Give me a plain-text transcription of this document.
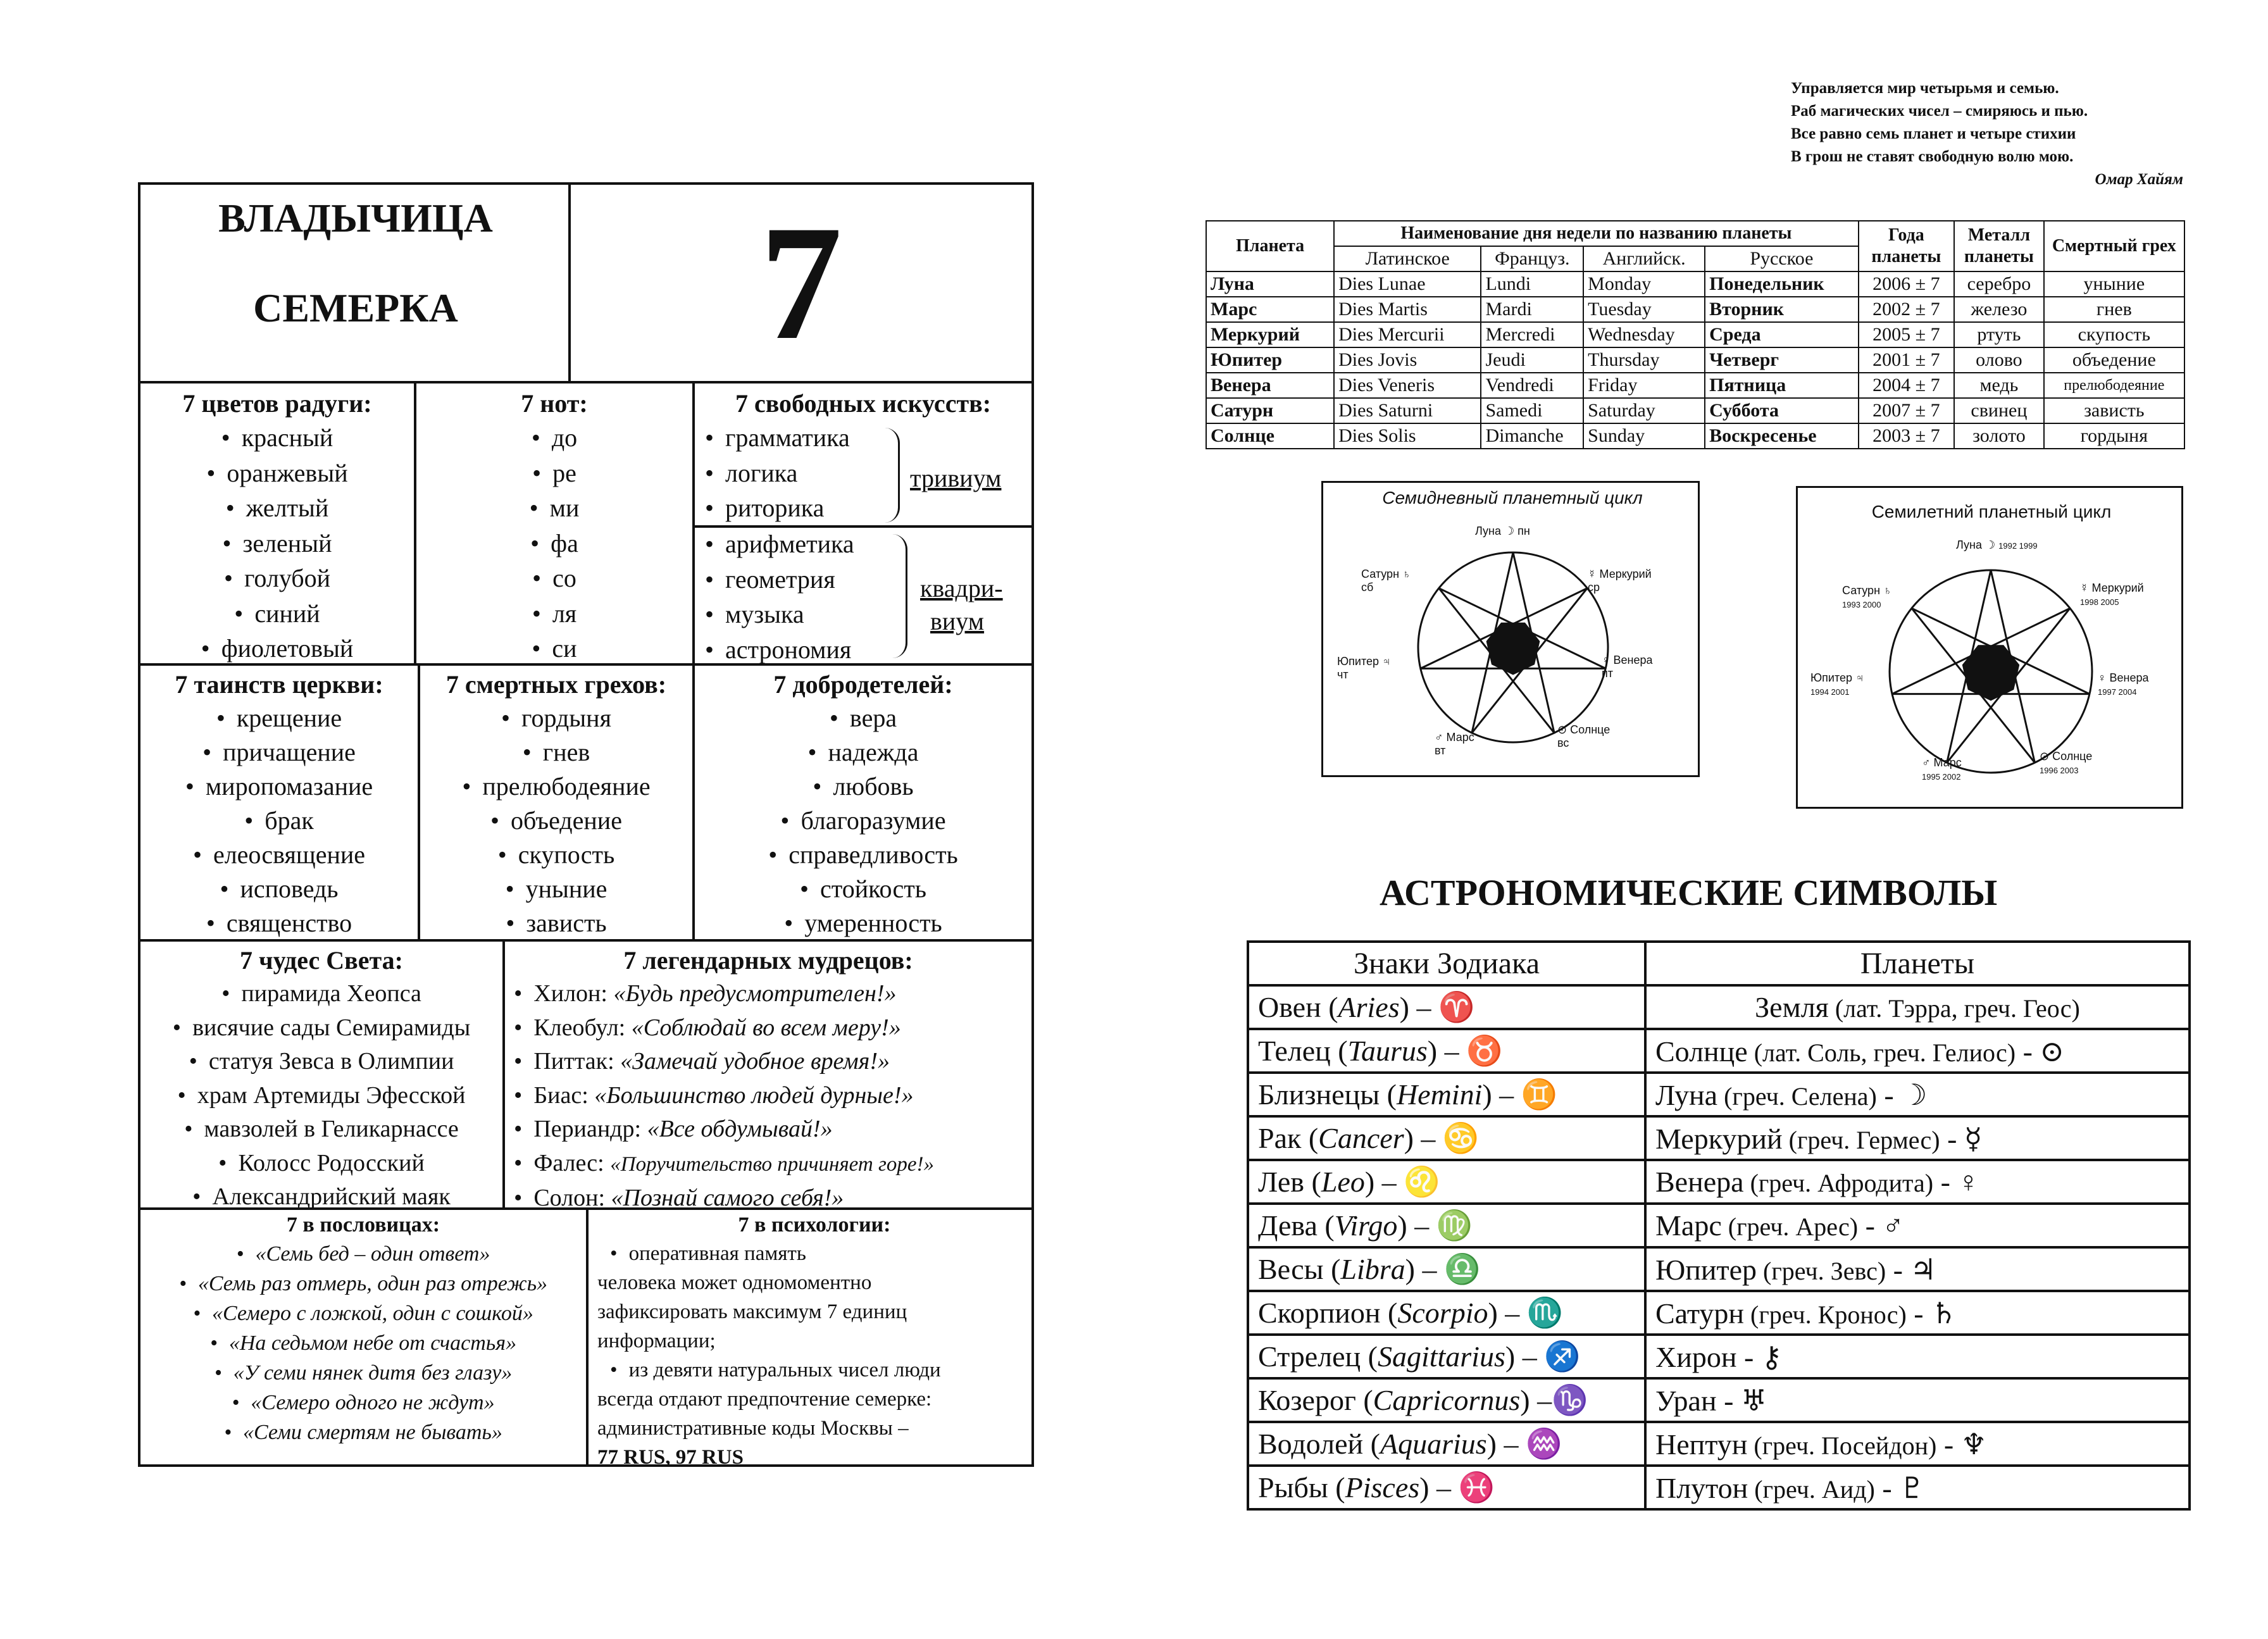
ВЛАДЫЧИЦА
СЕМЕРКА	7
7 цветов радуги:
• красный
• оранжевый
• желтый
• зеленый
• голубой
• синий
• фиолетовый
7 нот:
• до
• ре
• ми
• фа
• со
• ля
• си
7 свободных искусств:
• грамматика
• логика
• риторика
тривиум
• арифметика
• геометрия
• музыка
• астрономия
квадри-
виум
7 таинств церкви:
• крещение
• причащение
• миропомазание
• брак
• елеосвящение
• исповедь
• священство
7 смертных грехов:
• гордыня
• гнев
• прелюбодеяние
• объедение
• скупость
• уныние
• зависть
7 добродетелей:
• вера
• надежда
• любовь
• благоразумие
• справедливость
• стойкость
• умеренность
7 чудес Света:
• пирамида Хеопса
• висячие сады Семирамиды
• статуя Зевса в Олимпии
• храм Артемиды Эфесской
• мавзолей в Геликарнассе
• Колосс Родосский
• Александрийский маяк
7 легендарных мудрецов:
• Хилон: «Будь предусмотрителен!»
• Клеобул: «Соблюдай во всем меру!»
• Питтак: «Замечай удобное время!»
• Биас: «Большинство людей дурные!»
• Периандр: «Все обдумывай!»
• Фалес: «Поручительство причиняет горе!»
• Солон: «Познай самого себя!»
7 в пословицах:
• «Семь бед – один ответ»
• «Семь раз отмерь, один раз отрежь»
• «Семеро с ложкой, один с сошкой»
• «На седьмом небе от счастья»
• «У семи нянек дитя без глазу»
• «Семеро одного не ждут»
• «Семи смертям не бывать»
7 в психологии:
• оперативная память
человека может одномоментно
зафиксировать максимум 7 единиц
информации;
• из девяти натуральных чисел люди
всегда отдают предпочтение семерке:
административные коды Москвы –
77 RUS, 97 RUS
Управляется мир четырьмя и семью.
Раб магических чисел – смиряюсь и пью.
Все равно семь планет и четыре стихии
В грош не ставят свободную волю мою.
Омар Хайям
Планета	Наименование дня недели по названию планеты				Года планеты	Металл планеты	Смертный грех
	Латинское	Француз.	Английск.	Русское			
Луна	Dies Lunae	Lundi	Monday	Понедельник	2006 ± 7	серебро	уныние
Марс	Dies Martis	Mardi	Tuesday	Вторник	2002 ± 7	железо	гнев
Меркурий	Dies Mercurii	Mercredi	Wednesday	Среда	2005 ± 7	ртуть	скупость
Юпитер	Dies Jovis	Jeudi	Thursday	Четверг	2001 ± 7	олово	объедение
Венера	Dies Veneris	Vendredi	Friday	Пятница	2004 ± 7	медь	прелюбодеяние
Сатурн	Dies Saturni	Samedi	Saturday	Суббота	2007 ± 7	свинец	зависть
Солнце	Dies Solis	Dimanche	Sunday	Воскресенье	2003 ± 7	золото	гордыня
Семидневный планетный цикл
Луна ☽ пн
☿ Меркурий
ср
♀ Венера
пт
⊙ Солнце
вс
♂ Марс
вт
Юпитер ♃
чт
Сатурн ♄
сб
Семилетний планетный цикл
Луна ☽ 1992 1999
☿ Меркурий
1998 2005
♀ Венера
1997 2004
⊙ Солнце
1996 2003
♂ Марс
1995 2002
Юпитер ♃
1994 2001
Сатурн ♄
1993 2000
АСТРОНОМИЧЕСКИЕ СИМВОЛЫ
Знаки Зодиака	Планеты
Овен (Aries) – ♈	Земля (лат. Тэрра, греч. Геос)
Телец (Taurus) – ♉	Солнце (лат. Соль, греч. Гелиос) - ⊙
Близнецы (Hemini) – ♊	Луна (греч. Селена) - ☽
Рак (Cancer) – ♋	Меркурий (греч. Гермес) - ☿
Лев (Leo) – ♌	Венера (греч. Афродита) - ♀
Дева (Virgo) – ♍	Марс (греч. Арес) - ♂
Весы (Libra) – ♎	Юпитер (греч. Зевс) - ♃
Скорпион (Scorpio) – ♏	Сатурн (греч. Кронос) - ♄
Стрелец (Sagittarius) – ♐	Хирон - ⚷
Козерог (Capricornus) –♑	Уран - ♅
Водолей (Aquarius) – ♒	Нептун (греч. Посейдон) - ♆
Рыбы (Pisces) – ♓	Плутон (греч. Аид) - ♇
